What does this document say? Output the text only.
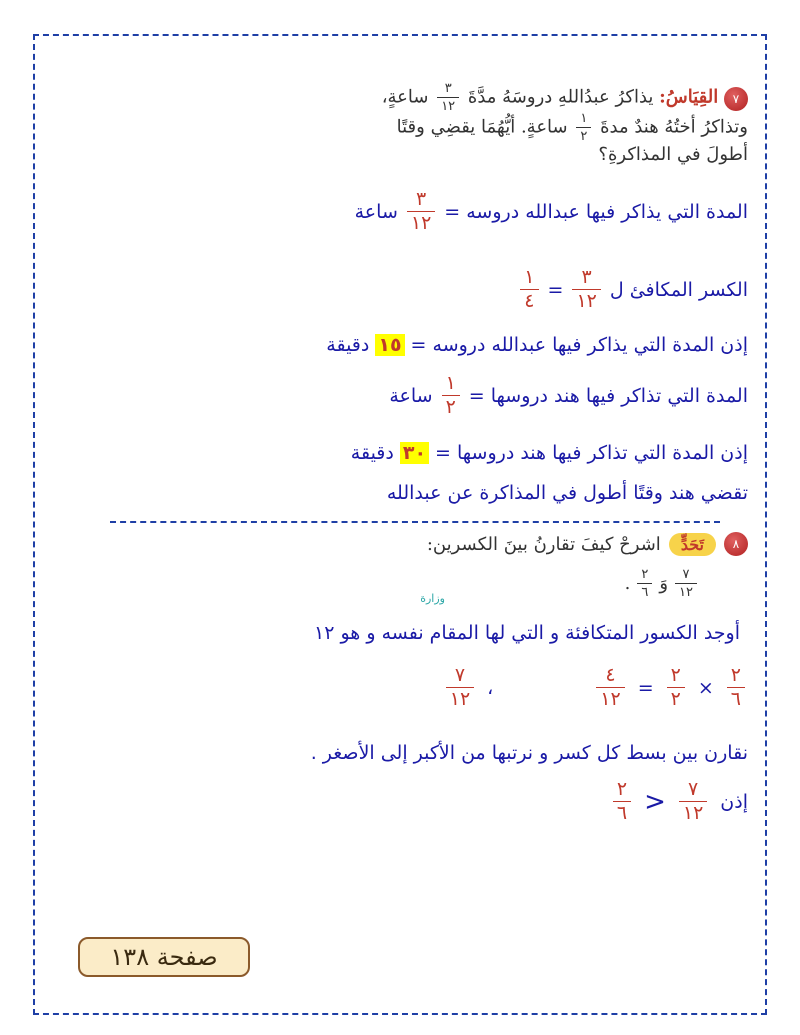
٧ القِيَاسُ: يذاكرُ عبدُاللهِ دروسَهُ مدَّةَ
$\frac{٣}{١٢}$
ساعةٍ،
وتذاكرُ أختُهُ هندٌ مدةَ
$\frac{١}{٢}$
ساعةٍ. أيُّهُمَا يقضِي وقتًا
أطولَ في المذاكرةِ؟
المدة التي يذاكر فيها عبدالله دروسه =
$\frac{٣}{١٢}$
ساعة
الكسر المكافئ ل
$\frac{٣}{١٢}$
=
$\frac{١}{٤}$
إذن المدة التي يذاكر فيها عبدالله دروسه =
١٥
دقيقة
المدة التي تذاكر فيها هند دروسها =
$\frac{١}{٢}$
ساعة
إذن المدة التي تذاكر فيها هند دروسها =
٣٠
دقيقة
تقضي هند وقتًا أطول في المذاكرة عن عبدالله
٨
تَحَدٍّ
اشرحْ كيفَ تقارنُ بينَ الكسرين:
$\frac{٧}{١٢}$
وَ
$\frac{٢}{٦}$
.
وزارة
أوجد الكسور المتكافئة و التي لها المقام نفسه و هو ١٢
$\frac{٢}{٦}$
×
$\frac{٢}{٢}$
=
$\frac{٤}{١٢}$
،
$\frac{٧}{١٢}$
نقارن بين بسط كل كسر و نرتبها من الأكبر إلى الأصغر .
إذن
$\frac{٧}{١٢}$
<
$\frac{٢}{٦}$
صفحة ١٣٨
